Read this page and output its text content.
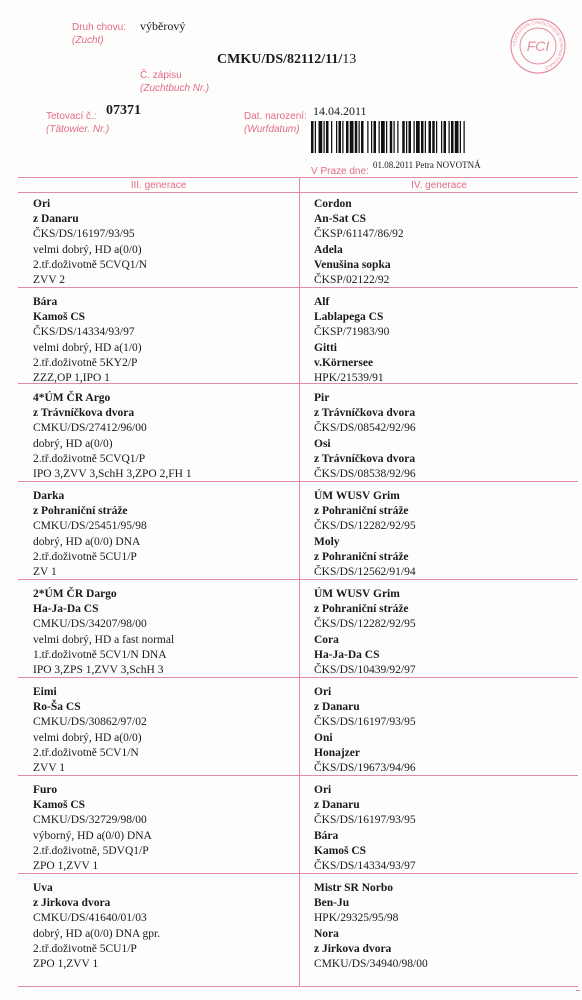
Druh chovu:
(Zucht)
výběrový
CMKU/DS/82112/11/13
Č. zápisu
(Zuchtbuch Nr.)
Tetovací č.:
(Tätowier. Nr.)
07371	Dat. narození:
(Wurfdatum)
14.04.2011
V Praze dne:
01.08.2011 Petra NOVOTNÁ
FÉDÉRATION CYNOLOGIQUE INTERNATIONALE
FCI
III. generace	IV. generace
Ori
z Danaru
ČKS/DS/16197/93/95
velmi dobrý, HD a(0/0)
2.tř.doživotně 5CVQ1/N
ZVV 2
Cordon
An-Sat CS
ČKSP/61147/86/92
Adela
Venušina sopka
ČKSP/02122/92
Bára
Kamoš CS
ČKS/DS/14334/93/97
velmi dobrý, HD a(1/0)
2.tř.doživotně 5KY2/P
ZZZ,OP 1,IPO 1
Alf
Lablapega CS
ČKSP/71983/90
Gitti
v.Körnersee
HPK/21539/91
4*ÚM ČR Argo
z Trávníčkova dvora
CMKU/DS/27412/96/00
dobrý, HD a(0/0)
2.tř.doživotně 5CVQ1/P
IPO 3,ZVV 3,SchH 3,ZPO 2,FH 1
Pir
z Trávníčkova dvora
ČKS/DS/08542/92/96
Osi
z Trávníčkova dvora
ČKS/DS/08538/92/96
Darka
z Pohraniční stráže
CMKU/DS/25451/95/98
dobrý, HD a(0/0) DNA
2.tř.doživotně 5CU1/P
ZV 1
ÚM WUSV Grim
z Pohraniční stráže
ČKS/DS/12282/92/95
Moly
z Pohraniční stráže
ČKS/DS/12562/91/94
2*ÚM ČR Dargo
Ha-Ja-Da CS
CMKU/DS/34207/98/00
velmi dobrý, HD a fast normal
1.tř.doživotně 5CV1/N DNA
IPO 3,ZPS 1,ZVV 3,SchH 3
ÚM WUSV Grim
z Pohraniční stráže
ČKS/DS/12282/92/95
Cora
Ha-Ja-Da CS
ČKS/DS/10439/92/97
Eimi
Ro-Ša CS
CMKU/DS/30862/97/02
velmi dobrý, HD a(0/0)
2.tř.doživotně 5CV1/N
ZVV 1
Ori
z Danaru
ČKS/DS/16197/93/95
Oni
Honajzer
ČKS/DS/19673/94/96
Furo
Kamoš CS
CMKU/DS/32729/98/00
výborný, HD a(0/0) DNA
2.tř.doživotně, 5DVQ1/P
ZPO 1,ZVV 1
Ori
z Danaru
ČKS/DS/16197/93/95
Bára
Kamoš CS
ČKS/DS/14334/93/97
Uva
z Jirkova dvora
CMKU/DS/41640/01/03
dobrý, HD a(0/0) DNA gpr.
2.tř.doživotně 5CU1/P
ZPO 1,ZVV 1
Mistr SR Norbo
Ben-Ju
HPK/29325/95/98
Nora
z Jirkova dvora
CMKU/DS/34940/98/00
